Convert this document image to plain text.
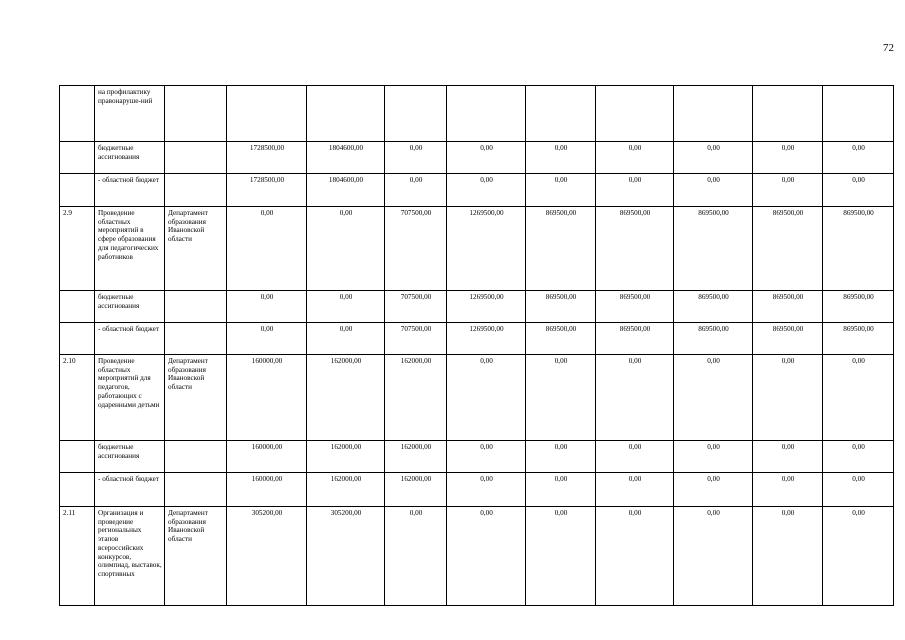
72
	на профилактику правонаруше-ний										
	бюджетные ассигнования		1728500,00	1804600,00	0,00	0,00	0,00	0,00	0,00	0,00	0,00
	- областной бюджет		1728500,00	1804600,00	0,00	0,00	0,00	0,00	0,00	0,00	0,00
2.9	Проведение областных мероприятий в сфере образования для педагогических работников	Департамент образования Ивановской области	0,00	0,00	707500,00	1269500,00	869500,00	869500,00	869500,00	869500,00	869500,00
	бюджетные ассигнования		0,00	0,00	707500,00	1269500,00	869500,00	869500,00	869500,00	869500,00	869500,00
	- областной бюджет		0,00	0,00	707500,00	1269500,00	869500,00	869500,00	869500,00	869500,00	869500,00
2.10	Проведение областных мероприятий для педагогов, работающих с одаренными детьми	Департамент образования Ивановской области	160000,00	162000,00	162000,00	0,00	0,00	0,00	0,00	0,00	0,00
	бюджетные ассигнования		160000,00	162000,00	162000,00	0,00	0,00	0,00	0,00	0,00	0,00
	- областной бюджет		160000,00	162000,00	162000,00	0,00	0,00	0,00	0,00	0,00	0,00
2.11	Организация и проведение региональных этапов всероссийских конкурсов, олимпиад, выставок, спортивных	Департамент образования Ивановской области	305200,00	305200,00	0,00	0,00	0,00	0,00	0,00	0,00	0,00
